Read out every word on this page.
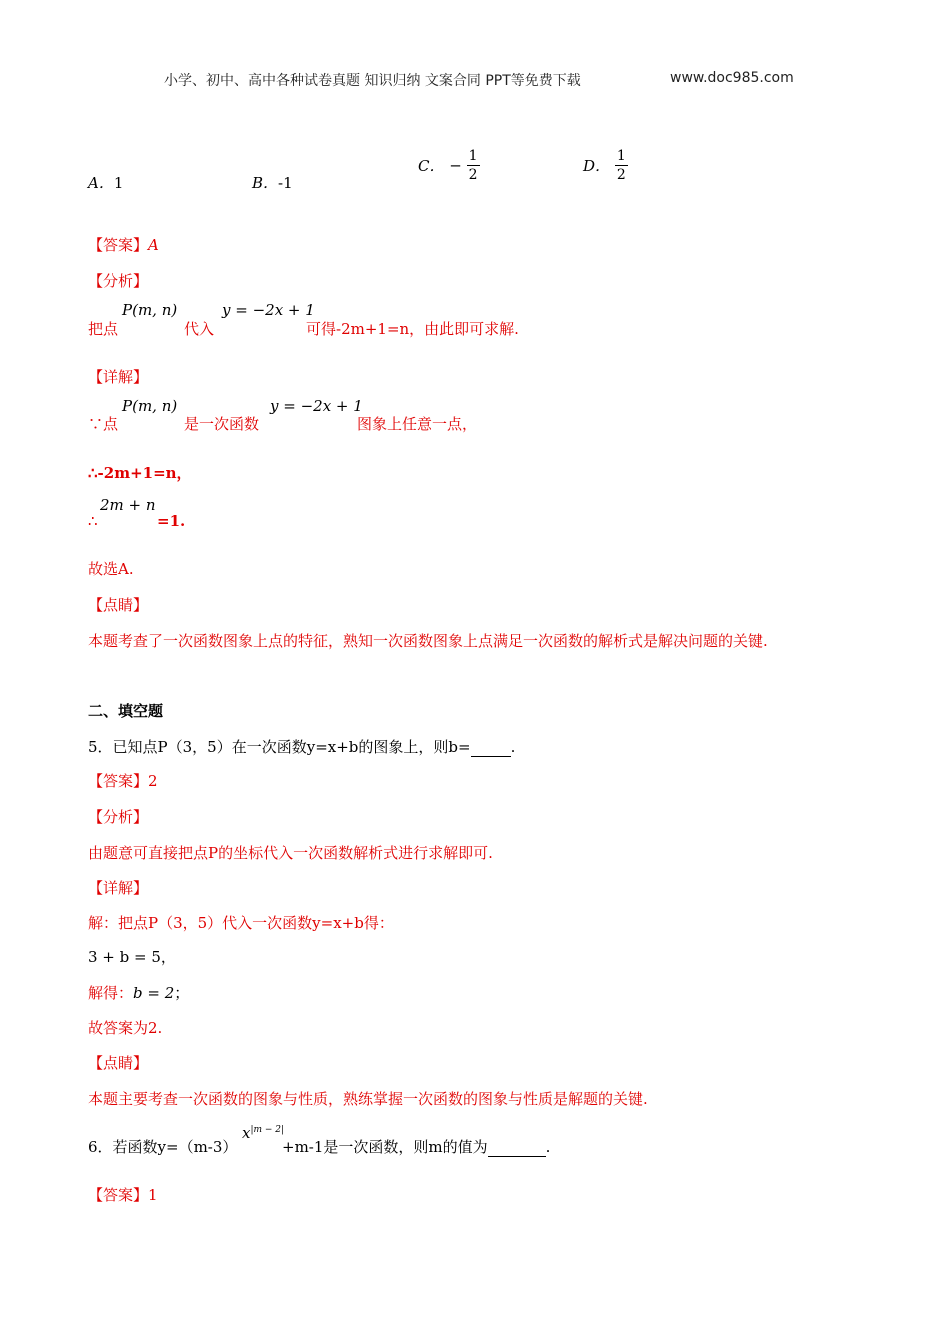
小学、初中、高中各种试卷真题 知识归纳 文案合同 PPT等免费下载	www.doc985.com
A．1	B．-1
C． − $\frac{1}{2}$	D． $\frac{1}{2}$
【答案】A
【分析】
把点
P(m, n)
代入
y = −2x + 1
可得-2m+1=n，由此即可求解.
【详解】
∵点
P(m, n)
是一次函数
y = −2x + 1
图象上任意一点，
∴-2m+1=n，
∴
2m + n
=1.
故选A.
【点睛】
本题考查了一次函数图象上点的特征，熟知一次函数图象上点满足一次函数的解析式是解决问题的关键.
二、填空题
5．已知点P（3，5）在一次函数y=x+b的图象上，则b=	.
【答案】2
【分析】
由题意可直接把点P的坐标代入一次函数解析式进行求解即可.
【详解】
解：把点P（3，5）代入一次函数y=x+b得：
3 + b = 5，
解得：b = 2；
故答案为2.
【点睛】
本题主要考查一次函数的图象与性质，熟练掌握一次函数的图象与性质是解题的关键.
6．若函数y=（m-3）
$x^{|m - 2|}$
+m-1是一次函数，则m的值为	.
【答案】1
